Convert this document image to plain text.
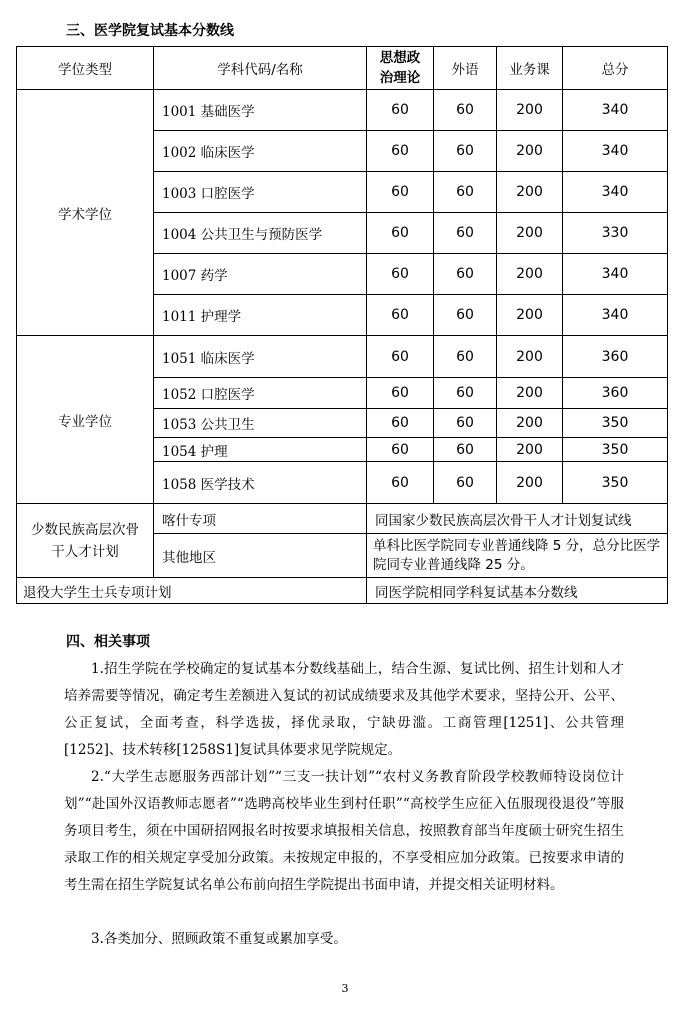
三、医学院复试基本分数线
学位类型	学科代码/名称	思想政治理论	外语	业务课	总分
学术学位	1001 基础医学	60	60	200	340
	1002 临床医学	60	60	200	340
	1003 口腔医学	60	60	200	340
	1004 公共卫生与预防医学	60	60	200	330
	1007 药学	60	60	200	340
	1011 护理学	60	60	200	340
专业学位	1051 临床医学	60	60	200	360
	1052 口腔医学	60	60	200	360
	1053 公共卫生	60	60	200	350
	1054 护理	60	60	200	350
	1058 医学技术	60	60	200	350

少数民族高层次骨干人才计划	喀什专项	同国家少数民族高层次骨干人才计划复试线			
	其他地区	单科比医学院同专业普通线降 5 分，总分比医学院同专业普通线降 25 分。			
退役大学生士兵专项计划		同医学院相同学科复试基本分数线			
四、相关事项
1.招生学院在学校确定的复试基本分数线基础上，结合生源、复试比例、招生计划和人才培养需要等情况，确定考生差额进入复试的初试成绩要求及其他学术要求，坚持公开、公平、公正复试，全面考查，科学选拔，择优录取，宁缺毋滥。工商管理[1251]、公共管理[1252]、技术转移[1258S1]复试具体要求见学院规定。
2.“大学生志愿服务西部计划”“三支一扶计划”“农村义务教育阶段学校教师特设岗位计划”“赴国外汉语教师志愿者”“选聘高校毕业生到村任职”“高校学生应征入伍服现役退役”等服务项目考生，须在中国研招网报名时按要求填报相关信息，按照教育部当年度硕士研究生招生录取工作的相关规定享受加分政策。未按规定申报的，不享受相应加分政策。已按要求申请的考生需在招生学院复试名单公布前向招生学院提出书面申请，并提交相关证明材料。
3.各类加分、照顾政策不重复或累加享受。
3
